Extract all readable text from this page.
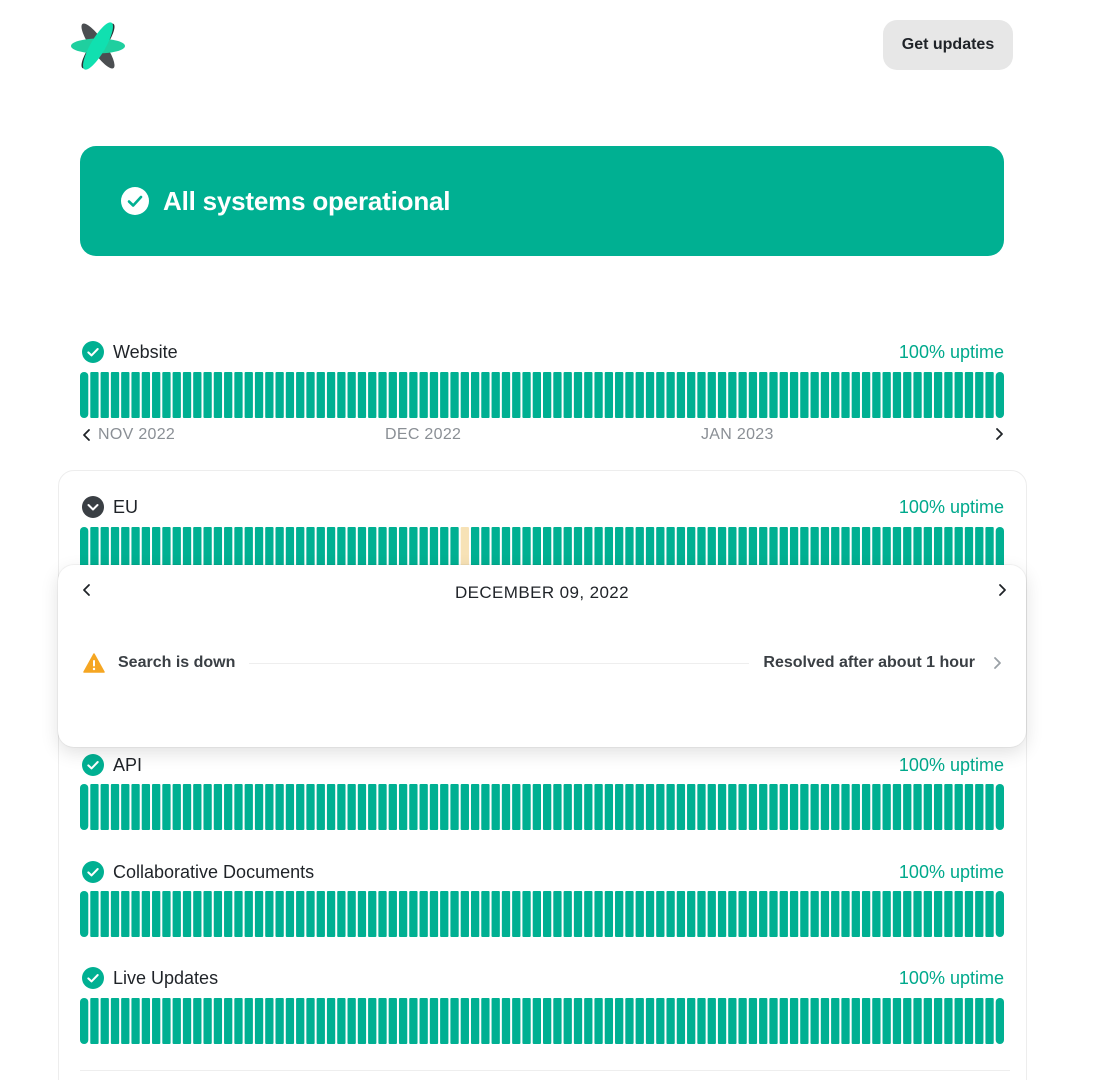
Get updates
All systems operational
Website	100% uptime
NOV 2022	DEC 2022	JAN 2023
EU	100% uptime
API	100% uptime
Collaborative Documents	100% uptime
Live Updates	100% uptime
DECEMBER 09, 2022
Search is down	Resolved after about 1 hour
